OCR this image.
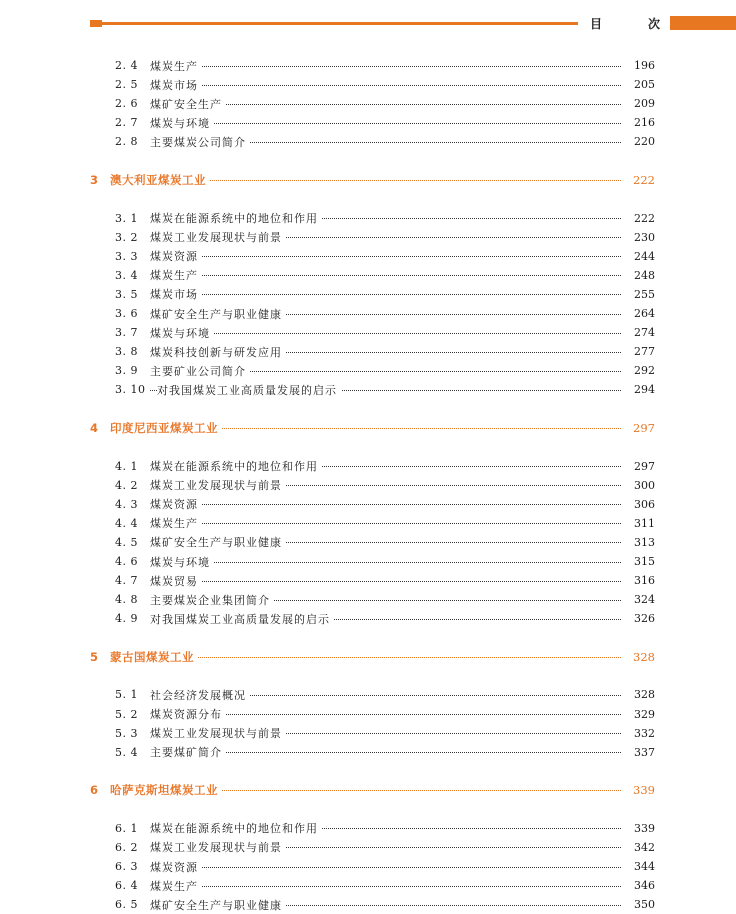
目	次
2. 4	煤炭生产	196
2. 5	煤炭市场	205
2. 6	煤矿安全生产	209
2. 7	煤炭与环境	216
2. 8	主要煤炭公司简介	220
3 澳大利亚煤炭工业	222
3. 1	煤炭在能源系统中的地位和作用	222
3. 2	煤炭工业发展现状与前景	230
3. 3	煤炭资源	244
3. 4	煤炭生产	248
3. 5	煤炭市场	255
3. 6	煤矿安全生产与职业健康	264
3. 7	煤炭与环境	274
3. 8	煤炭科技创新与研发应用	277
3. 9	主要矿业公司简介	292
3. 10	对我国煤炭工业高质量发展的启示	294
4 印度尼西亚煤炭工业	297
4. 1	煤炭在能源系统中的地位和作用	297
4. 2	煤炭工业发展现状与前景	300
4. 3	煤炭资源	306
4. 4	煤炭生产	311
4. 5	煤矿安全生产与职业健康	313
4. 6	煤炭与环境	315
4. 7	煤炭贸易	316
4. 8	主要煤炭企业集团简介	324
4. 9	对我国煤炭工业高质量发展的启示	326
5 蒙古国煤炭工业	328
5. 1	社会经济发展概况	328
5. 2	煤炭资源分布	329
5. 3	煤炭工业发展现状与前景	332
5. 4	主要煤矿简介	337
6 哈萨克斯坦煤炭工业	339
6. 1	煤炭在能源系统中的地位和作用	339
6. 2	煤炭工业发展现状与前景	342
6. 3	煤炭资源	344
6. 4	煤炭生产	346
6. 5	煤矿安全生产与职业健康	350
